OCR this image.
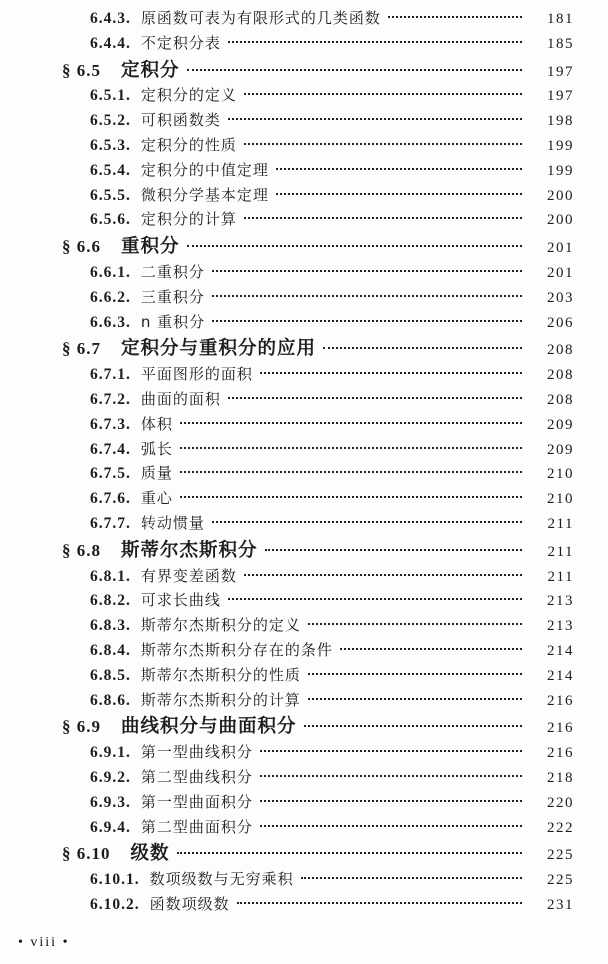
6.4.3. 原函数可表为有限形式的几类函数	181
6.4.4. 不定积分表	185
§ 6.5 定积分	197
6.5.1. 定积分的定义	197
6.5.2. 可积函数类	198
6.5.3. 定积分的性质	199
6.5.4. 定积分的中值定理	199
6.5.5. 微积分学基本定理	200
6.5.6. 定积分的计算	200
§ 6.6 重积分	201
6.6.1. 二重积分	201
6.6.2. 三重积分	203
6.6.3. n 重积分	206
§ 6.7 定积分与重积分的应用	208
6.7.1. 平面图形的面积	208
6.7.2. 曲面的面积	208
6.7.3. 体积	209
6.7.4. 弧长	209
6.7.5. 质量	210
6.7.6. 重心	210
6.7.7. 转动惯量	211
§ 6.8 斯蒂尔杰斯积分	211
6.8.1. 有界变差函数	211
6.8.2. 可求长曲线	213
6.8.3. 斯蒂尔杰斯积分的定义	213
6.8.4. 斯蒂尔杰斯积分存在的条件	214
6.8.5. 斯蒂尔杰斯积分的性质	214
6.8.6. 斯蒂尔杰斯积分的计算	216
§ 6.9 曲线积分与曲面积分	216
6.9.1. 第一型曲线积分	216
6.9.2. 第二型曲线积分	218
6.9.3. 第一型曲面积分	220
6.9.4. 第二型曲面积分	222
§ 6.10 级数	225
6.10.1. 数项级数与无穷乘积	225
6.10.2. 函数项级数	231
• viii •
